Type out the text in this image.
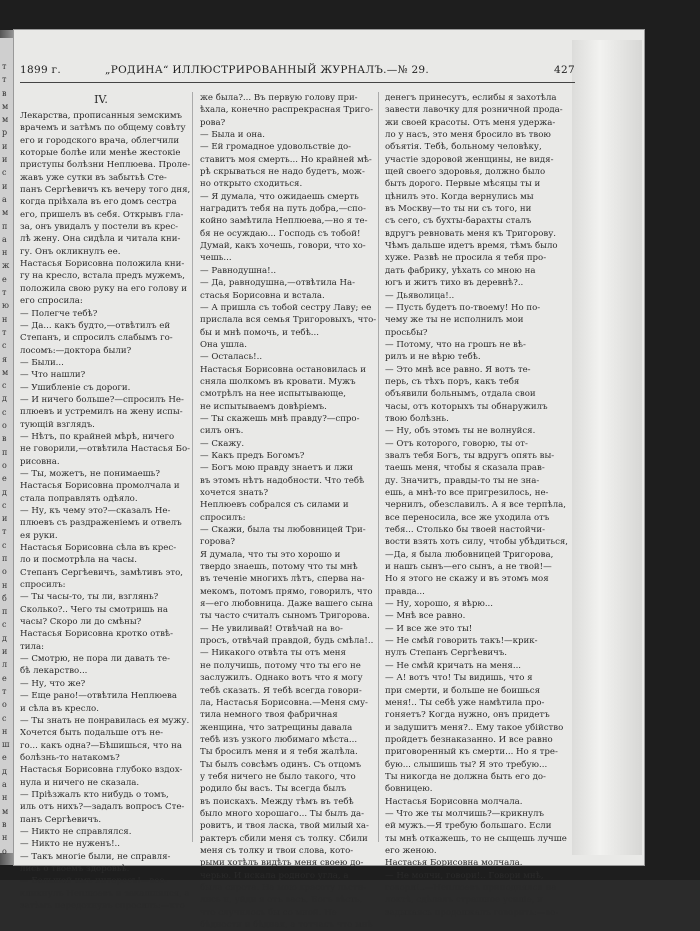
т
т
в
м
м
р
и
и
с
и
а
м
п
а
н
ж
е
т
ю
н
т
с
я
м
с
д
с
о
в
п
о
е
д
с
и
т
с
п
о
н
б
п
с
д
и
л
е
т
о
с
н
ш
е
д
а
н
м
в
н
о
1899 г.	„РОДИНА“ ИЛЛЮСТРИРОВАННЫЙ ЖУРНАЛЪ.—№ 29.	427
IV.

Лекарства, прописанныя земскимъ

врачемъ и затѣмъ по общему совѣту

его и городского врача, облегчили

которые болѣе или менѣе жестокіе

приступы болѣзни Неплюева. Проле-

жавъ уже сутки въ забытьѣ Сте-

панъ Сергѣевичъ къ вечеру того дня,

когда пріѣхала въ его домъ сестра

его, пришелъ въ себя. Открывъ гла-

за, онъ увидалъ у постели въ крес-

лѣ жену. Она сидѣла и читала кни-

гу. Онъ окликнулъ ее.

Настасья Борисовна положила кни-

гу на кресло, встала предъ мужемъ,

положила свою руку на его голову и

его спросила:

— Полегче тебѣ?

— Да... какъ будто,—отвѣтилъ ей

Степанъ, и спросилъ слабымъ го-

лосомъ:—доктора были?

— Были...

— Что нашли?

— Ушибленіе съ дороги.

— И ничего больше?—спросилъ Не-

плюевъ и устремилъ на жену испы-

тующій взглядъ.

— Нѣтъ, по крайней мѣрѣ, ничего

не говорили,—отвѣтила Настасья Бо-

рисовна.

— Ты, можетъ, не понимаешь?

Настасья Борисовна промолчала и

стала поправлять одѣяло.

— Ну, къ чему это?—сказалъ Не-

плюевъ съ раздраженіемъ и отвелъ

ея руки.

Настасья Борисовна сѣла въ крес-

ло и посмотрѣла на часы.

Степанъ Сергѣевичъ, замѣтивъ это,

спросилъ:

— Ты часы-то, ты ли, взглянь?

Сколько?.. Чего ты смотришь на

часы? Скоро ли до смѣны?

Настасья Борисовна кротко отвѣ-

тила:

— Смотрю, не пора ли давать те-

бѣ лекарство...

— Ну, что же?

— Еще рано!—отвѣтила Неплюева

и сѣла въ кресло.

— Ты знать не понравилась ея мужу.

Хочется быть подальше отъ не-

го... какъ одна?—Бѣшишься, что на

болѣзнь-то натакомъ?

Настасья Борисовна глубоко вздох-

нула и ничего не сказала.

— Пріѣзжалъ кто нибудь о томъ,

иль отъ нихъ?—задалъ вопросъ Сте-

панъ Сергѣевичъ.

— Никто не справлялся.

— Никто не нуженъ!..

— Такъ многіе были, не справля-

лись о твоемъ здоровьѣ.

— Большой имъ интересъ!—вос-

кликнулъ Неплюевъ и закашлялся, а

затѣмъ передохнувъ спросилъ:—кто

же была?... Въ первую голову при-

ѣхала, конечно распрекрасная Триго-

рова?

— Была и она.

— Ей громадное удовольствіе до-

ставитъ моя смерть... Но крайней мѣ-

рѣ скрываться не надо будетъ, мож-

но открыто сходиться.

— Я думала, что ожидаешь смерть

наградитъ тебя на путь добра,—спо-

койно замѣтила Неплюева,—но я те-

бя не осуждаю... Господь съ тобой!

Думай, какъ хочешь, говори, что хо-

чешь...

— Равнодушна!..

— Да, равнодушна,—отвѣтила На-

стасья Борисовна и встала.

— А пришла съ тобой сестру Лаву; ее

прислала вся семья Тригоровыхъ, что-

бы и мнѣ помочь, и тебѣ...

Она ушла.

— Осталась!..

Настасья Борисовна остановилась и

сняла шолкомъ въ кровати. Мужъ

смотрѣлъ на нее испытывающе,

не испытываемъ довѣріемъ.

— Ты скажешь мнѣ правду?—спро-

силъ онъ.

— Скажу.

— Какъ предъ Богомъ?

— Богъ мою правду знаетъ и лжи

въ этомъ нѣтъ надобности. Что тебѣ

хочется знать?

Неплюевъ собрался съ силами и

спросилъ:

— Скажи, была ты любовницей Три-

горова?

Я думала, что ты это хорошо и

твердо знаешь, потому что ты мнѣ

въ теченіе многихъ лѣтъ, сперва на-

мекомъ, потомъ прямо, говорилъ, что

я—его любовница. Даже вашего сына

ты часто считалъ сыномъ Тригорова.

— Не увиливай! Отвѣчай на во-

просъ, отвѣчай правдой, будь смѣла!..

— Никакого отвѣта ты отъ меня

не получишь, потому что ты его не

заслужилъ. Однако вотъ что я могу

тебѣ сказать. Я тебѣ всегда говори-

ла, Настасья Борисовна.—Меня сму-

тила немного твоя фабричная

женщина, что затрещины давала

тебѣ изъ узкого любимаго мѣста...

Ты бросилъ меня и я тебя жалѣла.

Ты былъ совсѣмъ одинъ. Съ отцомъ

у тебя ничего не было такого, что

родило бы васъ. Ты всегда былъ

въ поискахъ. Между тѣмъ въ тебѣ

было много хорошаго... Ты былъ да-

ровитъ, и твоя ласка, твой милый ха-

рактеръ сбили меня съ толку. Сбили

меня съ толку и твои слова, кото-

рыми хотѣлъ видѣть меня своею до-

черью. И искала родного угла, а

была сирота. На мою красоту льсти-

лись и, уйди я отъ васъ, Богъ вѣсть,

что случилось бы со мной. Не

бѣдности и бѣдная, а тотчасъ что мнѣ

денегъ принесутъ, еслибы я захотѣла

завести лавочку для розничной прода-

жи своей красоты. Отъ меня удержа-

ло у насъ, это меня бросило въ твою

объятія. Тебѣ, больному человѣку,

участіе здоровой женщины, не видя-

щей своего здоровья, должно было

быть дорого. Первые мѣсяцы ты и

цѣнилъ это. Когда вернулись мы

въ Москву—то ты ни съ того, ни

съ сего, съ бухты-барахты сталъ

вдругъ ревновать меня къ Тригорову.

Чѣмъ дальше идетъ время, тѣмъ было

хуже. Развѣ не просила я тебя про-

дать фабрику, уѣхать со мною на

югъ и житъ тихо въ деревнѣ?..

— Дьяволица!..

— Пусть будетъ по-твоему! Но по-

чему же ты не исполнилъ мои

просьбы?

— Потому, что на грошъ не вѣ-

рилъ и не вѣрю тебѣ.

— Это мнѣ все равно. Я вотъ те-

перь, съ тѣхъ поръ, какъ тебя

объявили больнымъ, отдала свои

часы, отъ которыхъ ты обнаружилъ

твою болѣзнь.

— Ну, объ этомъ ты не волнуйся.

— Отъ которого, говорю, ты от-

звалъ тебя Богъ, ты вдругъ опять вы-

таешь меня, чтобы я сказала прав-

ду. Значитъ, правды-то ты не зна-

ешь, а мнѣ-то все пригрезилось, не-

чернилъ, обезславилъ. А я все терпѣла,

все переносила, все же уходила отъ

тебя... Столько бы твоей настойчи-

вости взять хоть силу, чтобы убѣдиться,

—Да, я была любовницей Тригорова,

и нашъ сынъ—его сынъ, а не твой!—

Но я этого не скажу и въ этомъ моя

правда...

— Ну, хорошо, я вѣрю...

— Мнѣ все равно.

— И все же это ты!

— Не смѣй говорить такъ!—крик-

нулъ Степанъ Сергѣевичъ.

— Не смѣй кричать на меня...

— А! вотъ что! Ты видишь, что я

при смерти, и больше не боишься

меня!.. Ты себѣ уже намѣтила про-

гоняетъ? Когда нужно, онъ придетъ

и задушитъ меня?.. Ему такое убійство

пройдетъ безнаказанно. И все равно

приговоренный къ смерти... Но я тре-

бую... слышишь ты? Я это требую...

Ты никогда не должна быть его до-

бовницею.

Настасья Борисовна молчала.

— Что же ты молчишь?—крикнулъ

ей мужъ.—Я требую большаго. Если

ты мнѣ откажешь, то не сыщешь лучше

его женою.

Настасья Борисовна молчала.

— Не молчи, говори!.. Говори мнѣ,

говори!..—Неплюевъ приподнялся на

локтѣ, сдѣлалъ страшное усиліе, и

задыхаясь продолжалъ говорить:—во-
